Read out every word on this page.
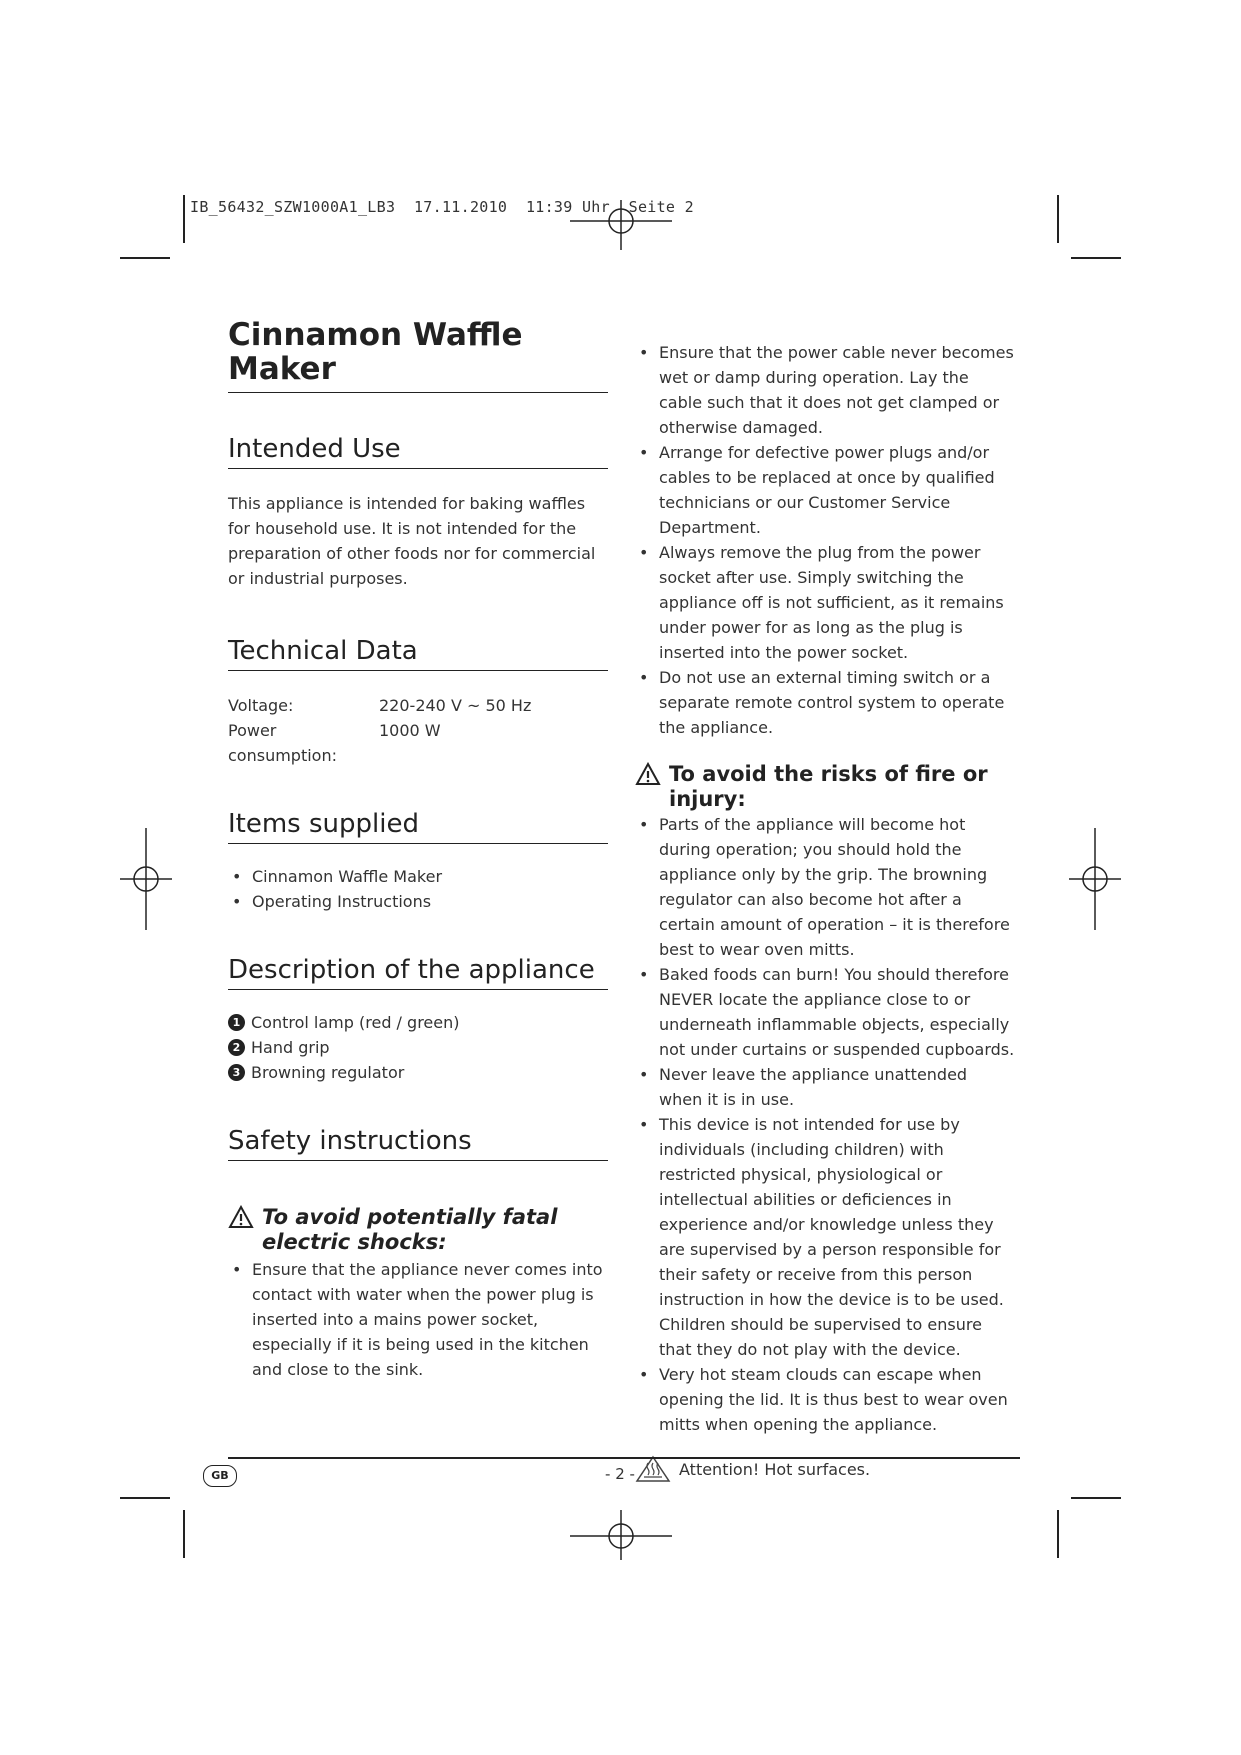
IB_56432_SZW1000A1_LB3 17.11.2010 11:39 Uhr Seite 2
Cinnamon Waffle Maker
Intended Use

This appliance is intended for baking waffles for household use. It is not intended for the preparation of other foods nor for commercial or industrial purposes.

Technical Data
Voltage:	220-240 V ~ 50 Hz
Power consumption:
1000 W
Items supplied
• Cinnamon Waffle Maker
• Operating Instructions
Description of the appliance
1 Control lamp (red / green)
2 Hand grip
3 Browning regulator
Safety instructions
To avoid potentially fatal electric shocks:
• Ensure that the appliance never comes into contact with water when the power plug is inserted into a mains power socket, especially if it is being used in the kitchen and close to the sink.
• Ensure that the power cable never becomes wet or damp during operation. Lay the cable such that it does not get clamped or otherwise damaged.
• Arrange for defective power plugs and/or cables to be replaced at once by qualified technicians or our Customer Service Department.
• Always remove the plug from the power socket after use. Simply switching the appliance off is not sufficient, as it remains under power for as long as the plug is inserted into the power socket.
• Do not use an external timing switch or a separate remote control system to operate the appliance.
To avoid the risks of fire or injury:
• Parts of the appliance will become hot during operation; you should hold the appliance only by the grip. The browning regulator can also become hot after a certain amount of operation – it is therefore best to wear oven mitts.
• Baked foods can burn! You should therefore NEVER locate the appliance close to or underneath inflammable objects, especially not under curtains or suspended cupboards.
• Never leave the appliance unattended when it is in use.
• This device is not intended for use by individuals (including children) with restricted physical, physiological or intellectual abilities or deficiences in experience and/or knowledge unless they are supervised by a person responsible for their safety or receive from this person instruction in how the device is to be used. Children should be supervised to ensure that they do not play with the device.
• Very hot steam clouds can escape when opening the lid. It is thus best to wear oven mitts when opening the appliance.
Attention! Hot surfaces.
GB	- 2 -
